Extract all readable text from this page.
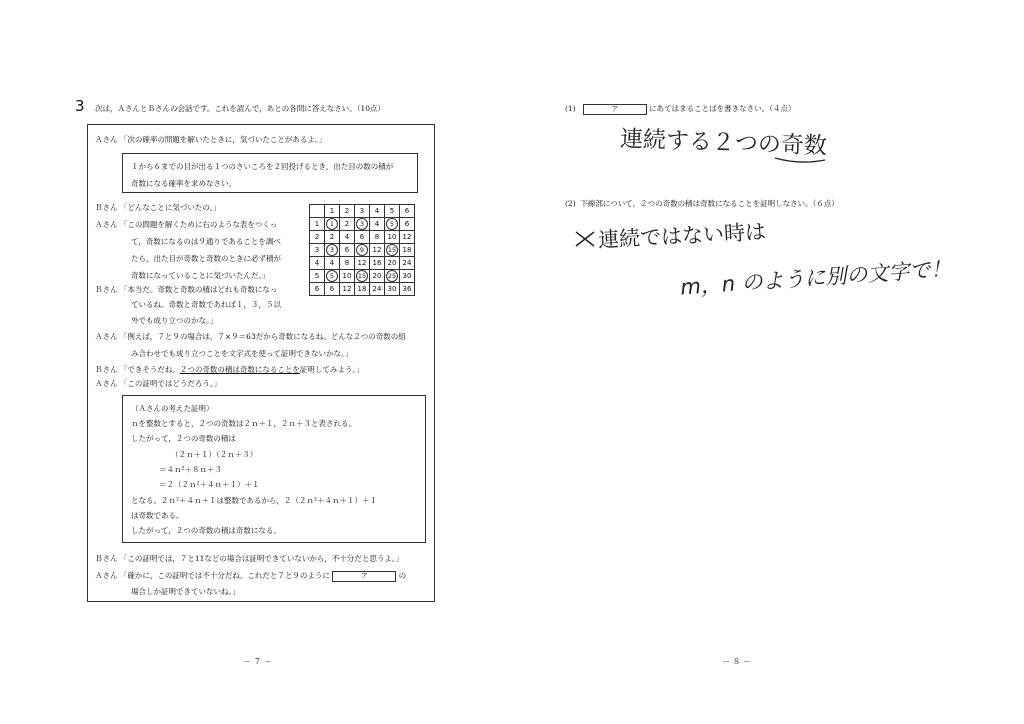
3 次は，ＡさんとＢさんの会話です。これを読んで，あとの各問に答えなさい。（10点）
Ａさん 「次の確率の問題を解いたときに，気づいたことがあるよ。」
１から６までの目が出る１つのさいころを２回投げるとき，出た目の数の積が
奇数になる確率を求めなさい。
Ｂさん 「どんなことに気づいたの。」
Ａさん 「この問題を解くために右のような表をつくっ
て，奇数になるのは９通りであることを調べ
たら，出た目が奇数と奇数のときに必ず積が
奇数になっていることに気づいたんだ。」
Ｂさん 「本当だ。奇数と奇数の積はどれも奇数になっ
ているね。奇数と奇数であれば１，３，５以
外でも成り立つのかな。」
Ａさん 「例えば，７と９の場合は，７×９＝63だから奇数になるね。どんな２つの奇数の組
み合わせでも成り立つことを文字式を使って証明できないかな。」
Ｂさん 「できそうだね。２つの奇数の積は奇数になることを証明してみよう。」
Ａさん 「この証明ではどうだろう。」
	1	2	3	4	5	6
1	1	2	3	4	5	6
2	2	4	6	8	10	12
3	3	6	9	12	15	18
4	4	8	12	16	20	24
5	5	10	15	20	25	30
6	6	12	18	24	30	36
（Ａさんの考えた証明）
ｎを整数とすると，２つの奇数は２ｎ＋１，２ｎ＋３と表される。
したがって，２つの奇数の積は
（２ｎ＋１）（２ｎ＋３）
＝４ｎ²＋８ｎ＋３
＝２（２ｎ²＋４ｎ＋１）＋１
となる。２ｎ²＋４ｎ＋１は整数であるから，２（２ｎ²＋４ｎ＋１）＋１
は奇数である。
したがって，２つの奇数の積は奇数になる。
Ｂさん 「この証明では，７と11などの場合は証明できていないから，不十分だと思うよ。」
Ａさん 「確かに，この証明では不十分だね。これだと７と９のように	ア	の
場合しか証明できていないね。」
－ ７ －
(1)	ア	にあてはまることばを書きなさい。（４点）
連続する２つの奇数
(2) 下線部について，２つの奇数の積は奇数になることを証明しなさい。（６点）
連続ではない時は
m，n のように別の文字で！
－ ８ －
